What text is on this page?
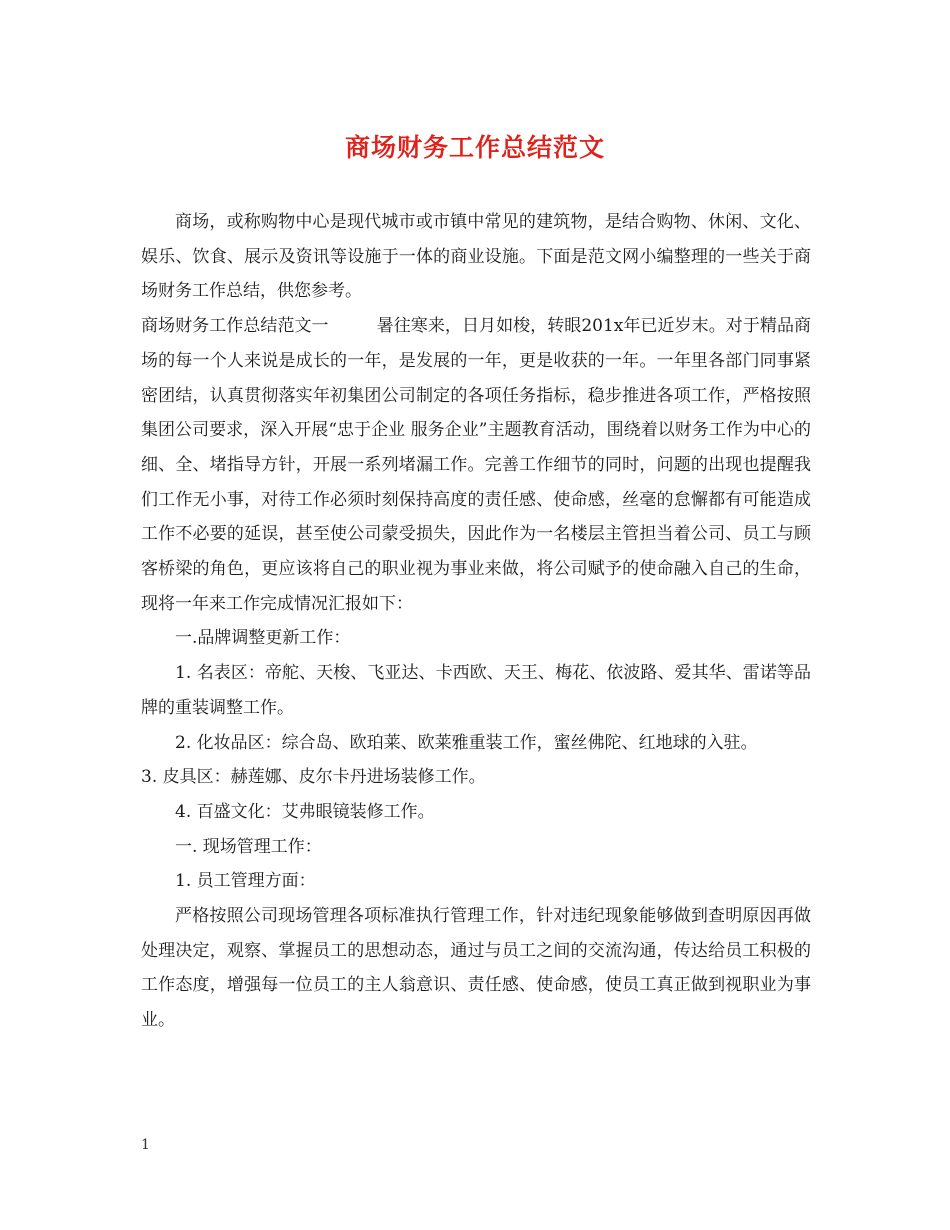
商场财务工作总结范文

商场，或称购物中心是现代城市或市镇中常见的建筑物，是结合购物、休闲、文化、娱乐、饮食、展示及资讯等设施于一体的商业设施。下面是范文网小编整理的一些关于商场财务工作总结，供您参考。

商场财务工作总结范文一	暑往寒来，日月如梭，转眼201x年已近岁末。对于精品商场的每一个人来说是成长的一年，是发展的一年，更是收获的一年。一年里各部门同事紧密团结，认真贯彻落实年初集团公司制定的各项任务指标，稳步推进各项工作，严格按照集团公司要求，深入开展“忠于企业 服务企业”主题教育活动，围绕着以财务工作为中心的细、全、堵指导方针，开展一系列堵漏工作。完善工作细节的同时，问题的出现也提醒我们工作无小事，对待工作必须时刻保持高度的责任感、使命感，丝毫的怠懈都有可能造成工作不必要的延误，甚至使公司蒙受损失，因此作为一名楼层主管担当着公司、员工与顾客桥梁的角色，更应该将自己的职业视为事业来做，将公司赋予的使命融入自己的生命，现将一年来工作完成情况汇报如下：

一.品牌调整更新工作：

1. 名表区：帝舵、天梭、飞亚达、卡西欧、天王、梅花、依波路、爱其华、雷诺等品牌的重装调整工作。

2. 化妆品区：综合岛、欧珀莱、欧莱雅重装工作，蜜丝佛陀、红地球的入驻。

3. 皮具区：赫莲娜、皮尔卡丹进场装修工作。

4. 百盛文化：艾弗眼镜装修工作。

一. 现场管理工作：

1. 员工管理方面：

严格按照公司现场管理各项标准执行管理工作，针对违纪现象能够做到查明原因再做处理决定，观察、掌握员工的思想动态，通过与员工之间的交流沟通，传达给员工积极的工作态度，增强每一位员工的主人翁意识、责任感、使命感，使员工真正做到视职业为事业。

1
